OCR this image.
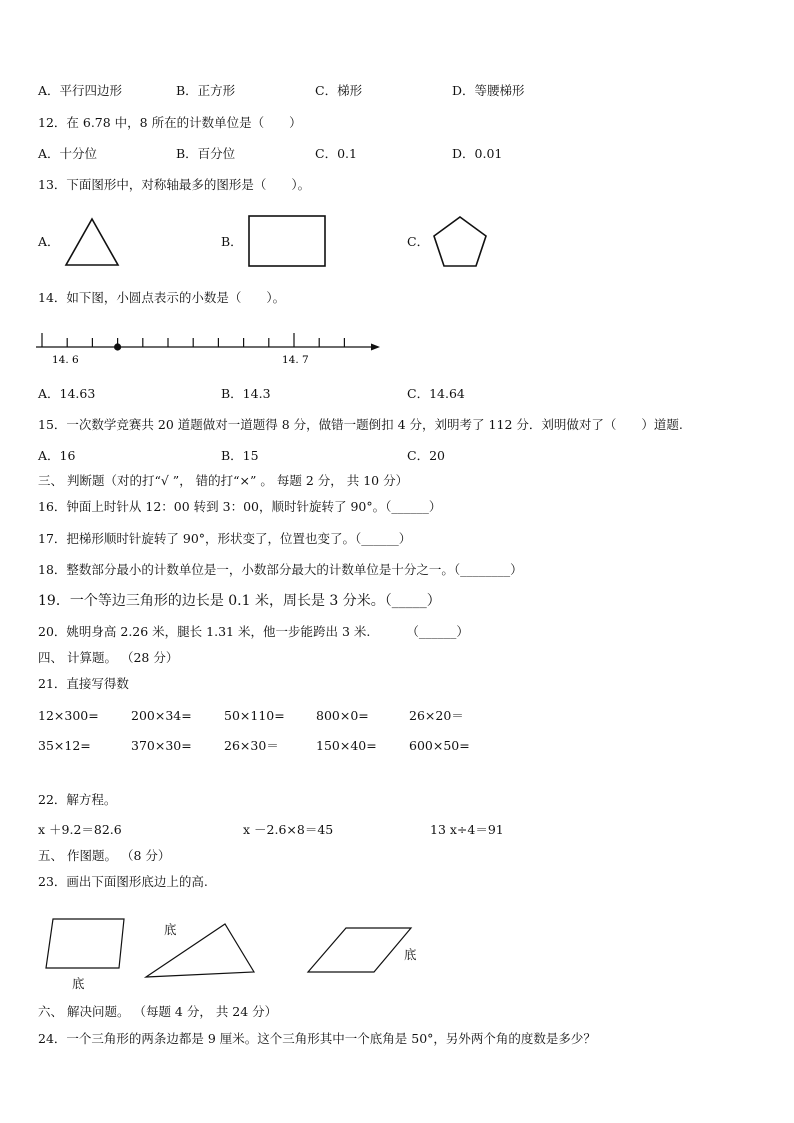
A．平行四边形	B．正方形	C．梯形	D．等腰梯形
12．在 6.78 中，8 所在的计数单位是（　　）
A．十分位	B．百分位	C．0.1	D．0.01
13．下面图形中，对称轴最多的图形是（　　）。
A．	B．	C．
14．如下图，小圆点表示的小数是（　　）。
14. 6	14. 7
A．14.63	B．14.3	C．14.64
15．一次数学竞赛共 20 道题做对一道题得 8 分，做错一题倒扣 4 分，刘明考了 112 分．刘明做对了（　　）道题.
A．16	B．15	C．20
三、 判断题（对的打“√ ”， 错的打“×” 。 每题 2 分， 共 10 分）
16．钟面上时针从 12：00 转到 3：00，顺时针旋转了 90°。（______）
17．把梯形顺时针旋转了 90°，形状变了，位置也变了。（______）
18．整数部分最小的计数单位是一，小数部分最大的计数单位是十分之一。（________）
19．一个等边三角形的边长是 0.1 米，周长是 3 分米。（_____）
20．姚明身高 2.26 米，腿长 1.31 米，他一步能跨出 3 米.	（______）
四、 计算题。 （28 分）
21．直接写得数
12×300=	200×34=	50×110=	800×0=	26×20＝
35×12=	370×30=	26×30＝	150×40=	600×50=
22．解方程。
x ＋9.2＝82.6	x －2.6×8＝45	13 x÷4＝91
五、 作图题。 （8 分）
23．画出下面图形底边上的高.
底
底
底
六、 解决问题。 （每题 4 分， 共 24 分）
24．一个三角形的两条边都是 9 厘米。这个三角形其中一个底角是 50°，另外两个角的度数是多少？
